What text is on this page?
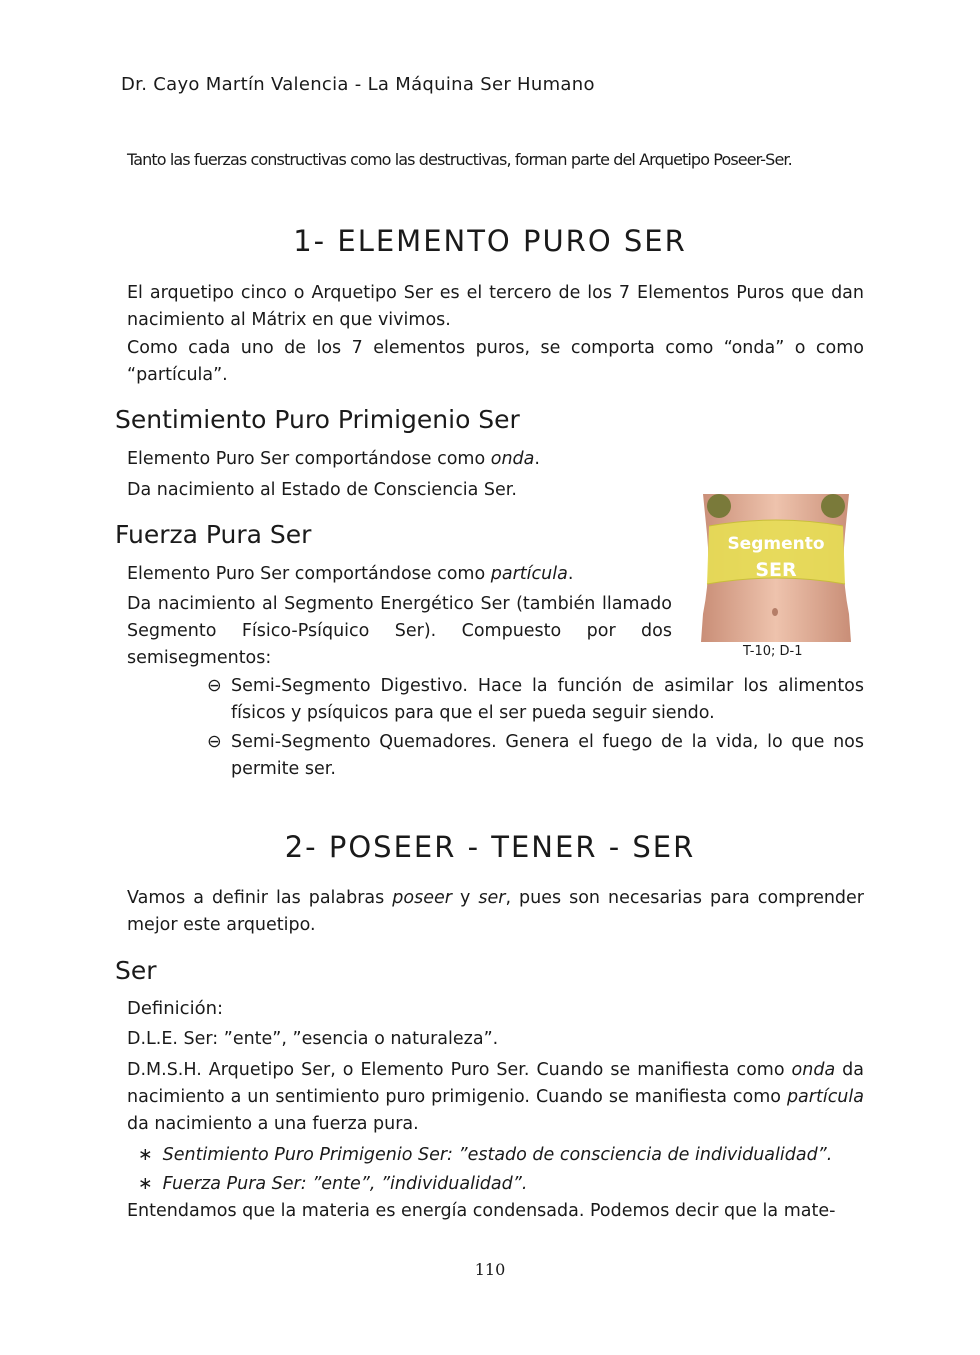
Dr. Cayo Martín Valencia - La Máquina Ser Humano
Tanto las fuerzas constructivas como las destructivas, forman parte del Arquetipo Poseer-Ser.
1- ELEMENTO PURO SER
El arquetipo cinco o Arquetipo Ser es el tercero de los 7 Elementos Puros que dan nacimiento al Mátrix en que vivimos.
Como cada uno de los 7 elementos puros, se comporta como “onda” o como “partícula”.
Sentimiento Puro Primigenio Ser
Elemento Puro Ser comportándose como onda.
Da nacimiento al Estado de Consciencia Ser.
Fuerza Pura Ser
Elemento Puro Ser comportándose como partícula.
Da nacimiento al Segmento Energético Ser (también llamado Segmento Físico-Psíquico Ser). Compuesto por dos semisegmentos:
⊖ Semi-Segmento Digestivo. Hace la función de asimilar los alimentos físicos y psíquicos para que el ser pueda seguir siendo.
⊖ Semi-Segmento Quemadores. Genera el fuego de la vida, lo que nos permite ser.
Segmento
SER
T-10; D-1
2- POSEER - TENER - SER
Vamos a definir las palabras poseer y ser, pues son necesarias para comprender mejor este arquetipo.
Ser
Definición:
D.L.E. Ser: ”ente”, ”esencia o naturaleza”.
D.M.S.H. Arquetipo Ser, o Elemento Puro Ser. Cuando se manifiesta como onda da nacimiento a un sentimiento puro primigenio. Cuando se manifiesta como partícula da nacimiento a una fuerza pura.
∗ Sentimiento Puro Primigenio Ser: ”estado de consciencia de individualidad”.
∗ Fuerza Pura Ser: ”ente”, ”individualidad”.
Entendamos que la materia es energía condensada. Podemos decir que la mate-
110
